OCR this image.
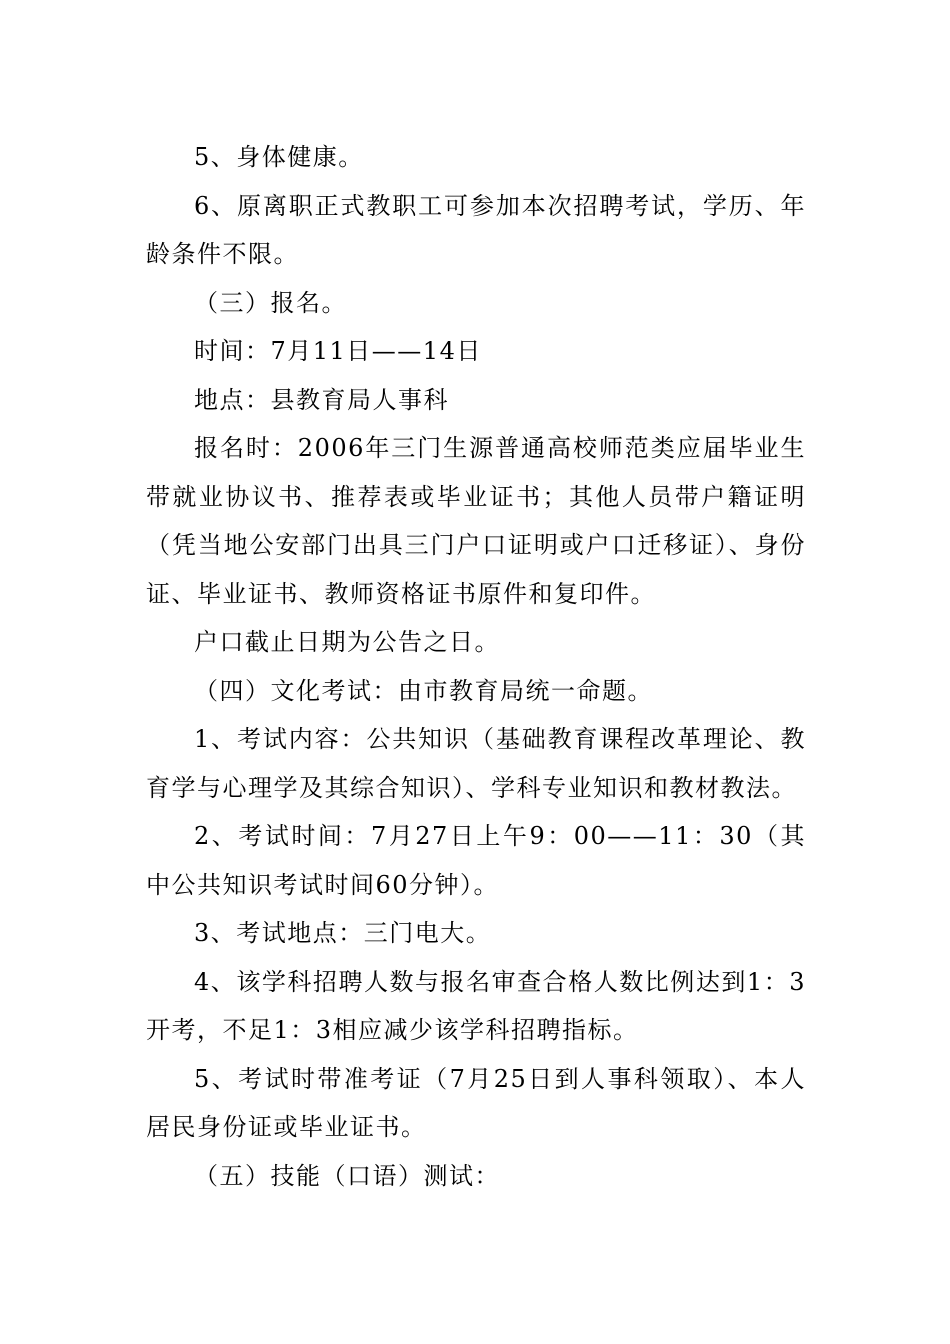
5、身体健康。

6、原离职正式教职工可参加本次招聘考试，学历、年龄条件不限。

（三）报名。

时间：7月11日——14日

地点：县教育局人事科

报名时：2006年三门生源普通高校师范类应届毕业生带就业协议书、推荐表或毕业证书；其他人员带户籍证明（凭当地公安部门出具三门户口证明或户口迁移证）、身份证、毕业证书、教师资格证书原件和复印件。

户口截止日期为公告之日。

（四）文化考试：由市教育局统一命题。

1、考试内容：公共知识（基础教育课程改革理论、教育学与心理学及其综合知识）、学科专业知识和教材教法。

2、考试时间：7月27日上午9：00——11：30（其中公共知识考试时间60分钟）。

3、考试地点：三门电大。

4、该学科招聘人数与报名审查合格人数比例达到1：3开考，不足1：3相应减少该学科招聘指标。

5、考试时带准考证（7月25日到人事科领取）、本人居民身份证或毕业证书。

（五）技能（口语）测试：
